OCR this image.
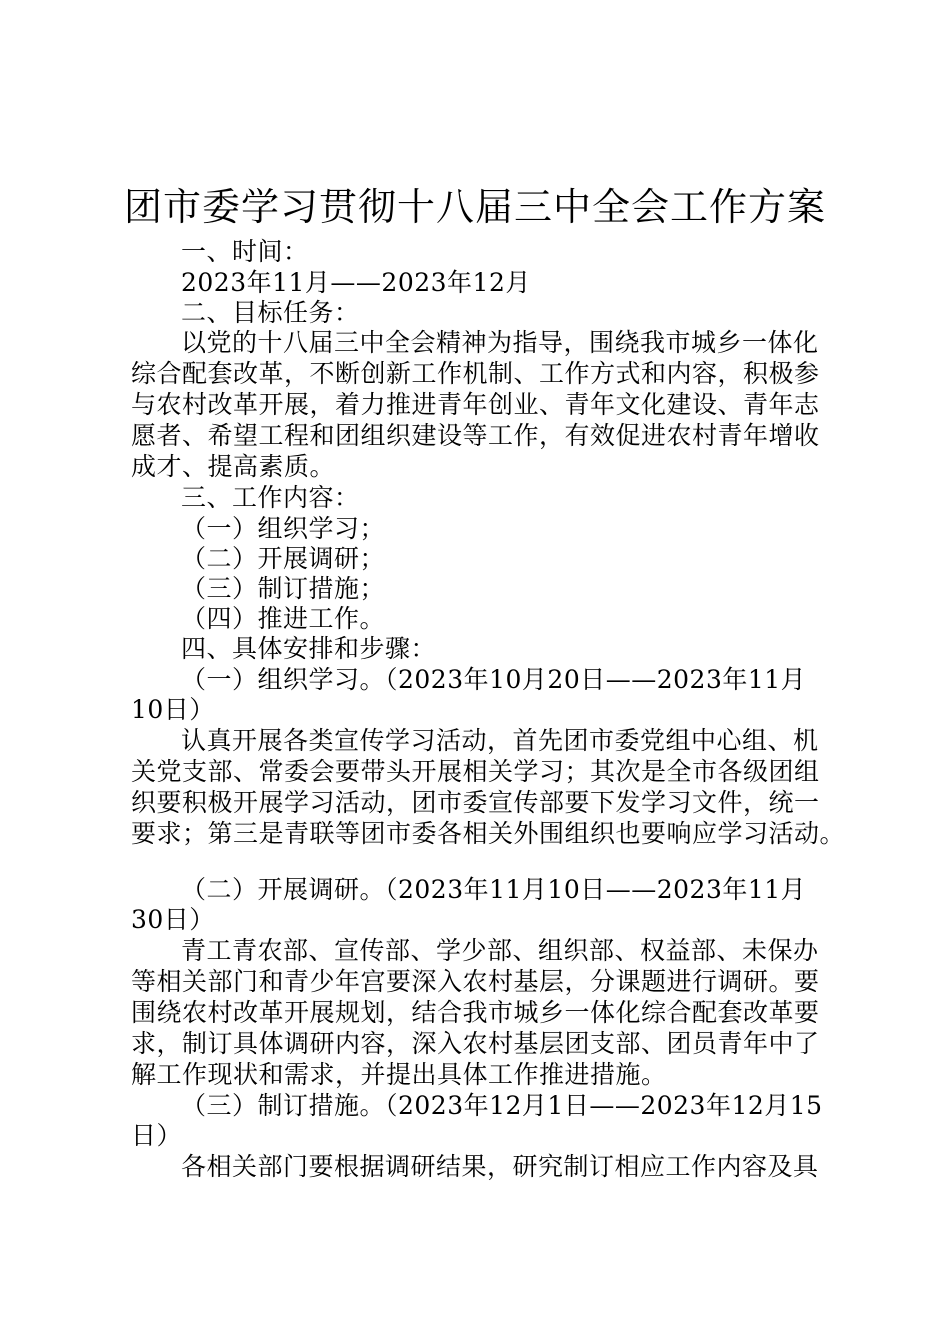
团市委学习贯彻十八届三中全会工作方案
一、时间：
2023年11月——2023年12月
二、目标任务：
以党的十八届三中全会精神为指导，围绕我市城乡一体化
综合配套改革，不断创新工作机制、工作方式和内容，积极参
与农村改革开展，着力推进青年创业、青年文化建设、青年志
愿者、希望工程和团组织建设等工作，有效促进农村青年增收
成才、提高素质。
三、工作内容：
（一）组织学习；
（二）开展调研；
（三）制订措施；
（四）推进工作。
四、具体安排和步骤：
（一）组织学习。（2023年10月20日——2023年11月
10日）
认真开展各类宣传学习活动，首先团市委党组中心组、机
关党支部、常委会要带头开展相关学习；其次是全市各级团组
织要积极开展学习活动，团市委宣传部要下发学习文件，统一
要求；第三是青联等团市委各相关外围组织也要响应学习活动。
（二）开展调研。（2023年11月10日——2023年11月
30日）
青工青农部、宣传部、学少部、组织部、权益部、未保办
等相关部门和青少年宫要深入农村基层，分课题进行调研。要
围绕农村改革开展规划，结合我市城乡一体化综合配套改革要
求，制订具体调研内容，深入农村基层团支部、团员青年中了
解工作现状和需求，并提出具体工作推进措施。
（三）制订措施。（2023年12月1日——2023年12月15
日）
各相关部门要根据调研结果，研究制订相应工作内容及具
